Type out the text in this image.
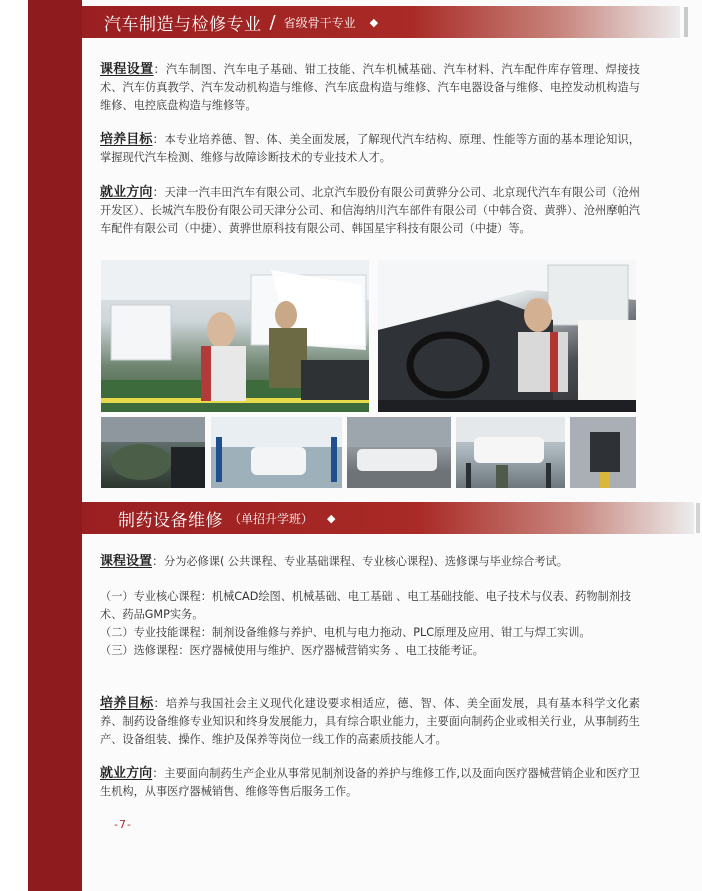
汽车制造与检修专业 / 省级骨干专业 ◆
课程设置：汽车制图、汽车电子基础、钳工技能、汽车机械基础、汽车材料、汽车配件库存管理、焊接技术、汽车仿真教学、汽车发动机构造与维修、汽车底盘构造与维修、汽车电器设备与维修、电控发动机构造与维修、电控底盘构造与维修等。
培养目标：本专业培养德、智、体、美全面发展，了解现代汽车结构、原理、性能等方面的基本理论知识，掌握现代汽车检测、维修与故障诊断技术的专业技术人才。
就业方向：天津一汽丰田汽车有限公司、北京汽车股份有限公司黄骅分公司、北京现代汽车有限公司（沧州开发区）、长城汽车股份有限公司天津分公司、和信海纳川汽车部件有限公司（中韩合资、黄骅）、沧州摩帕汽车配件有限公司（中捷）、黄骅世原科技有限公司、韩国星宇科技有限公司（中捷）等。
制药设备维修 （单招升学班） ◆
课程设置：分为必修课( 公共课程、专业基础课程、专业核心课程)、选修课与毕业综合考试。
（一）专业核心课程：机械CAD绘图、机械基础、电工基础 、电工基础技能、电子技术与仪表、药物制剂技术、药品GMP实务。
（二）专业技能课程：制剂设备维修与养护、电机与电力拖动、PLC原理及应用、钳工与焊工实训。
（三）选修课程：医疗器械使用与维护、医疗器械营销实务 、电工技能考证。
培养目标：培养与我国社会主义现代化建设要求相适应，德、智、体、美全面发展，具有基本科学文化素养、制药设备维修专业知识和终身发展能力，具有综合职业能力，主要面向制药企业或相关行业，从事制药生产、设备组装、操作、维护及保养等岗位一线工作的高素质技能人才。
就业方向：主要面向制药生产企业从事常见制剂设备的养护与维修工作,以及面向医疗器械营销企业和医疗卫生机构，从事医疗器械销售、维修等售后服务工作。
-7-
